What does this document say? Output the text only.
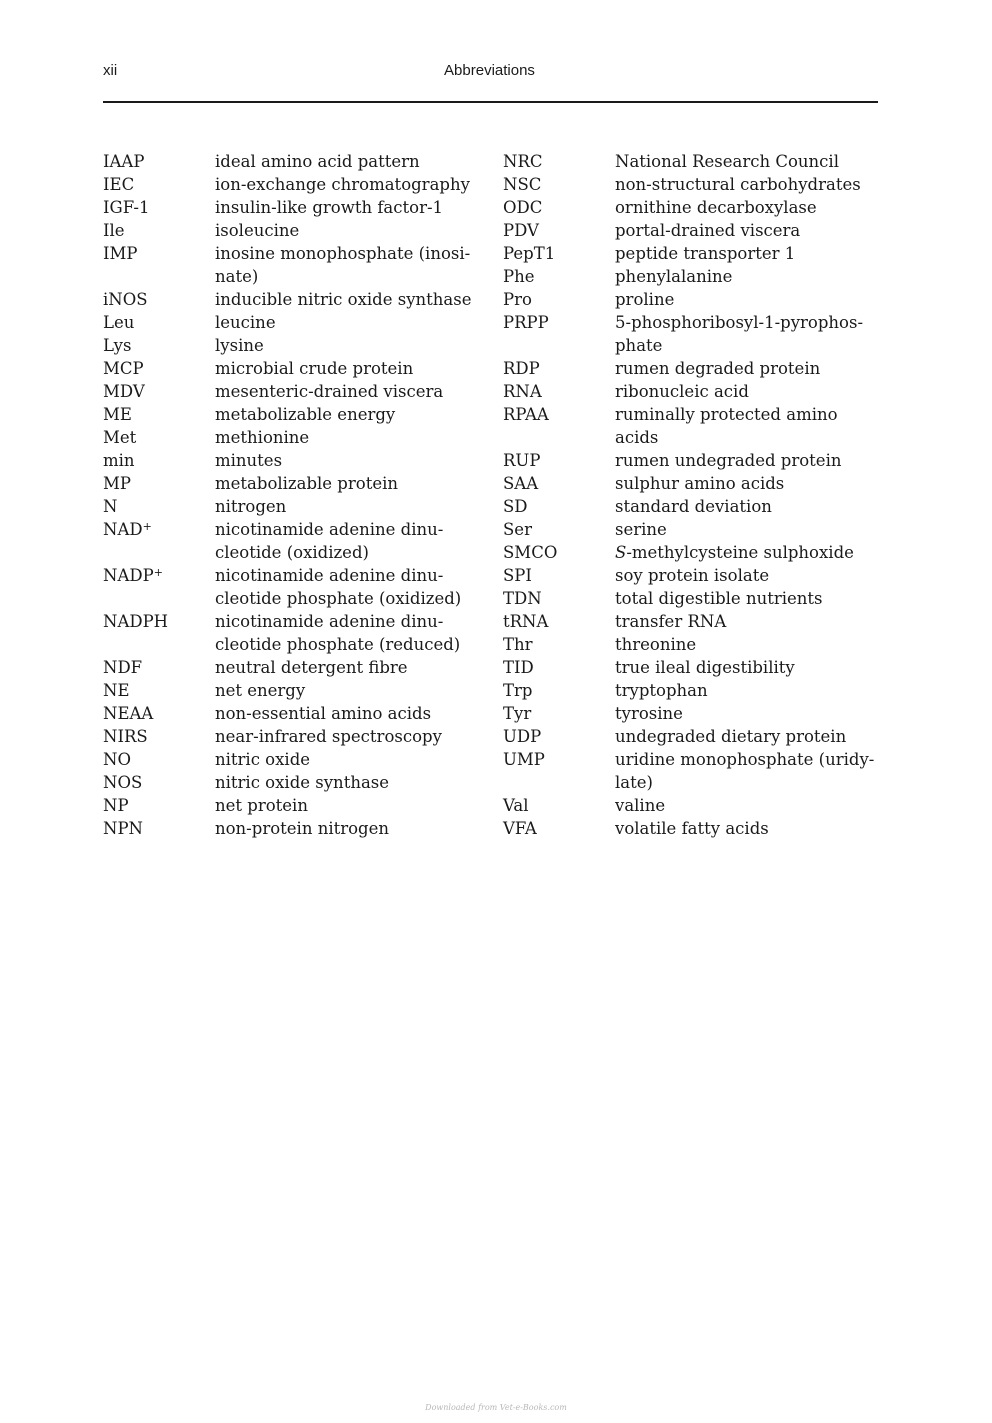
xii	Abbreviations
IAAP	ideal amino acid pattern
IEC	ion-exchange chromatography
IGF-1	insulin-like growth factor-1
Ile	isoleucine
IMP	inosine monophosphate (inosi-
nate)
iNOS	inducible nitric oxide synthase
Leu	leucine
Lys	lysine
MCP	microbial crude protein
MDV	mesenteric-drained viscera
ME	metabolizable energy
Met	methionine
min	minutes
MP	metabolizable protein
N	nitrogen
NAD+	nicotinamide adenine dinu-
cleotide (oxidized)
NADP+	nicotinamide adenine dinu-
cleotide phosphate (oxidized)
NADPH	nicotinamide adenine dinu-
cleotide phosphate (reduced)
NDF	neutral detergent fibre
NE	net energy
NEAA	non-essential amino acids
NIRS	near-infrared spectroscopy
NO	nitric oxide
NOS	nitric oxide synthase
NP	net protein
NPN	non-protein nitrogen
NRC	National Research Council
NSC	non-structural carbohydrates
ODC	ornithine decarboxylase
PDV	portal-drained viscera
PepT1	peptide transporter 1
Phe	phenylalanine
Pro	proline
PRPP	5-phosphoribosyl-1-pyrophos-
phate
RDP	rumen degraded protein
RNA	ribonucleic acid
RPAA	ruminally protected amino
acids
RUP	rumen undegraded protein
SAA	sulphur amino acids
SD	standard deviation
Ser	serine
SMCO	S-methylcysteine sulphoxide
SPI	soy protein isolate
TDN	total digestible nutrients
tRNA	transfer RNA
Thr	threonine
TID	true ileal digestibility
Trp	tryptophan
Tyr	tyrosine
UDP	undegraded dietary protein
UMP	uridine monophosphate (uridy-
late)
Val	valine
VFA	volatile fatty acids
Downloaded from Vet-e-Books.com
